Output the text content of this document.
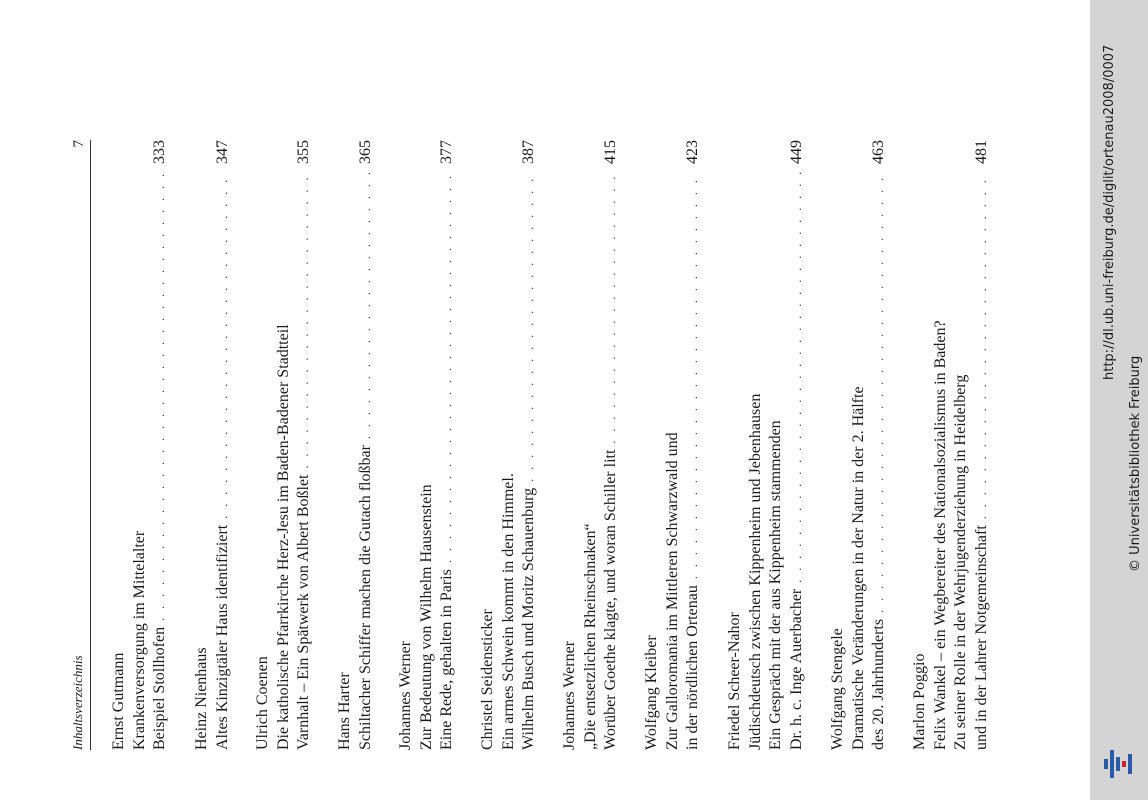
Inhaltsverzeichnis
7
Ernst Gutmann Krankenversorgung im Mittelalter Beispiel Stollhofen
. . .
333
Heinz Nienhaus Altes Kinzigtäler Haus identifiziert
. . .
347
Ulrich Coenen Die katholische Pfarrkirche Herz-Jesu im Baden-Badener Stadtteil Varnhalt – Ein Spätwerk von Albert Boßlet
. . .
355
Hans Harter Schiltacher Schiffer machen die Gutach floßbar
. . .
365
Johannes Werner Zur Bedeutung von Wilhelm Hausenstein Eine Rede, gehalten in Paris
. . .
377
Christel Seidensticker Ein armes Schwein kommt in den Himmel. Wilhelm Busch und Moritz Schauenburg
. . .
387
Johannes Werner „Die entsetzlichen Rheinschnaken“ Worüber Goethe klagte, und woran Schiller litt
. . .
415
Wolfgang Kleiber Zur Galloromania im Mittleren Schwarzwald und in der nördlichen Ortenau
. . .
423
Friedel Scheer-Nahor Jüdischdeutsch zwischen Kippenheim und Jebenhausen Ein Gespräch mit der aus Kippenheim stammenden Dr. h. c. Inge Auerbacher
. . .
449
Wolfgang Stengele Dramatische Veränderungen in der Natur in der 2. Hälfte des 20. Jahrhunderts
. . .
463
Marlon Poggio Felix Wankel – ein Wegbereiter des Nationalsozialismus in Baden? Zu seiner Rolle in der Wehrjugenderziehung in Heidelberg und in der Lahrer Notgemeinschaft
. . .
481	http://dl.ub.uni-freiburg.de/diglit/ortenau2008/0007
© Universitätsbibliothek Freiburg
